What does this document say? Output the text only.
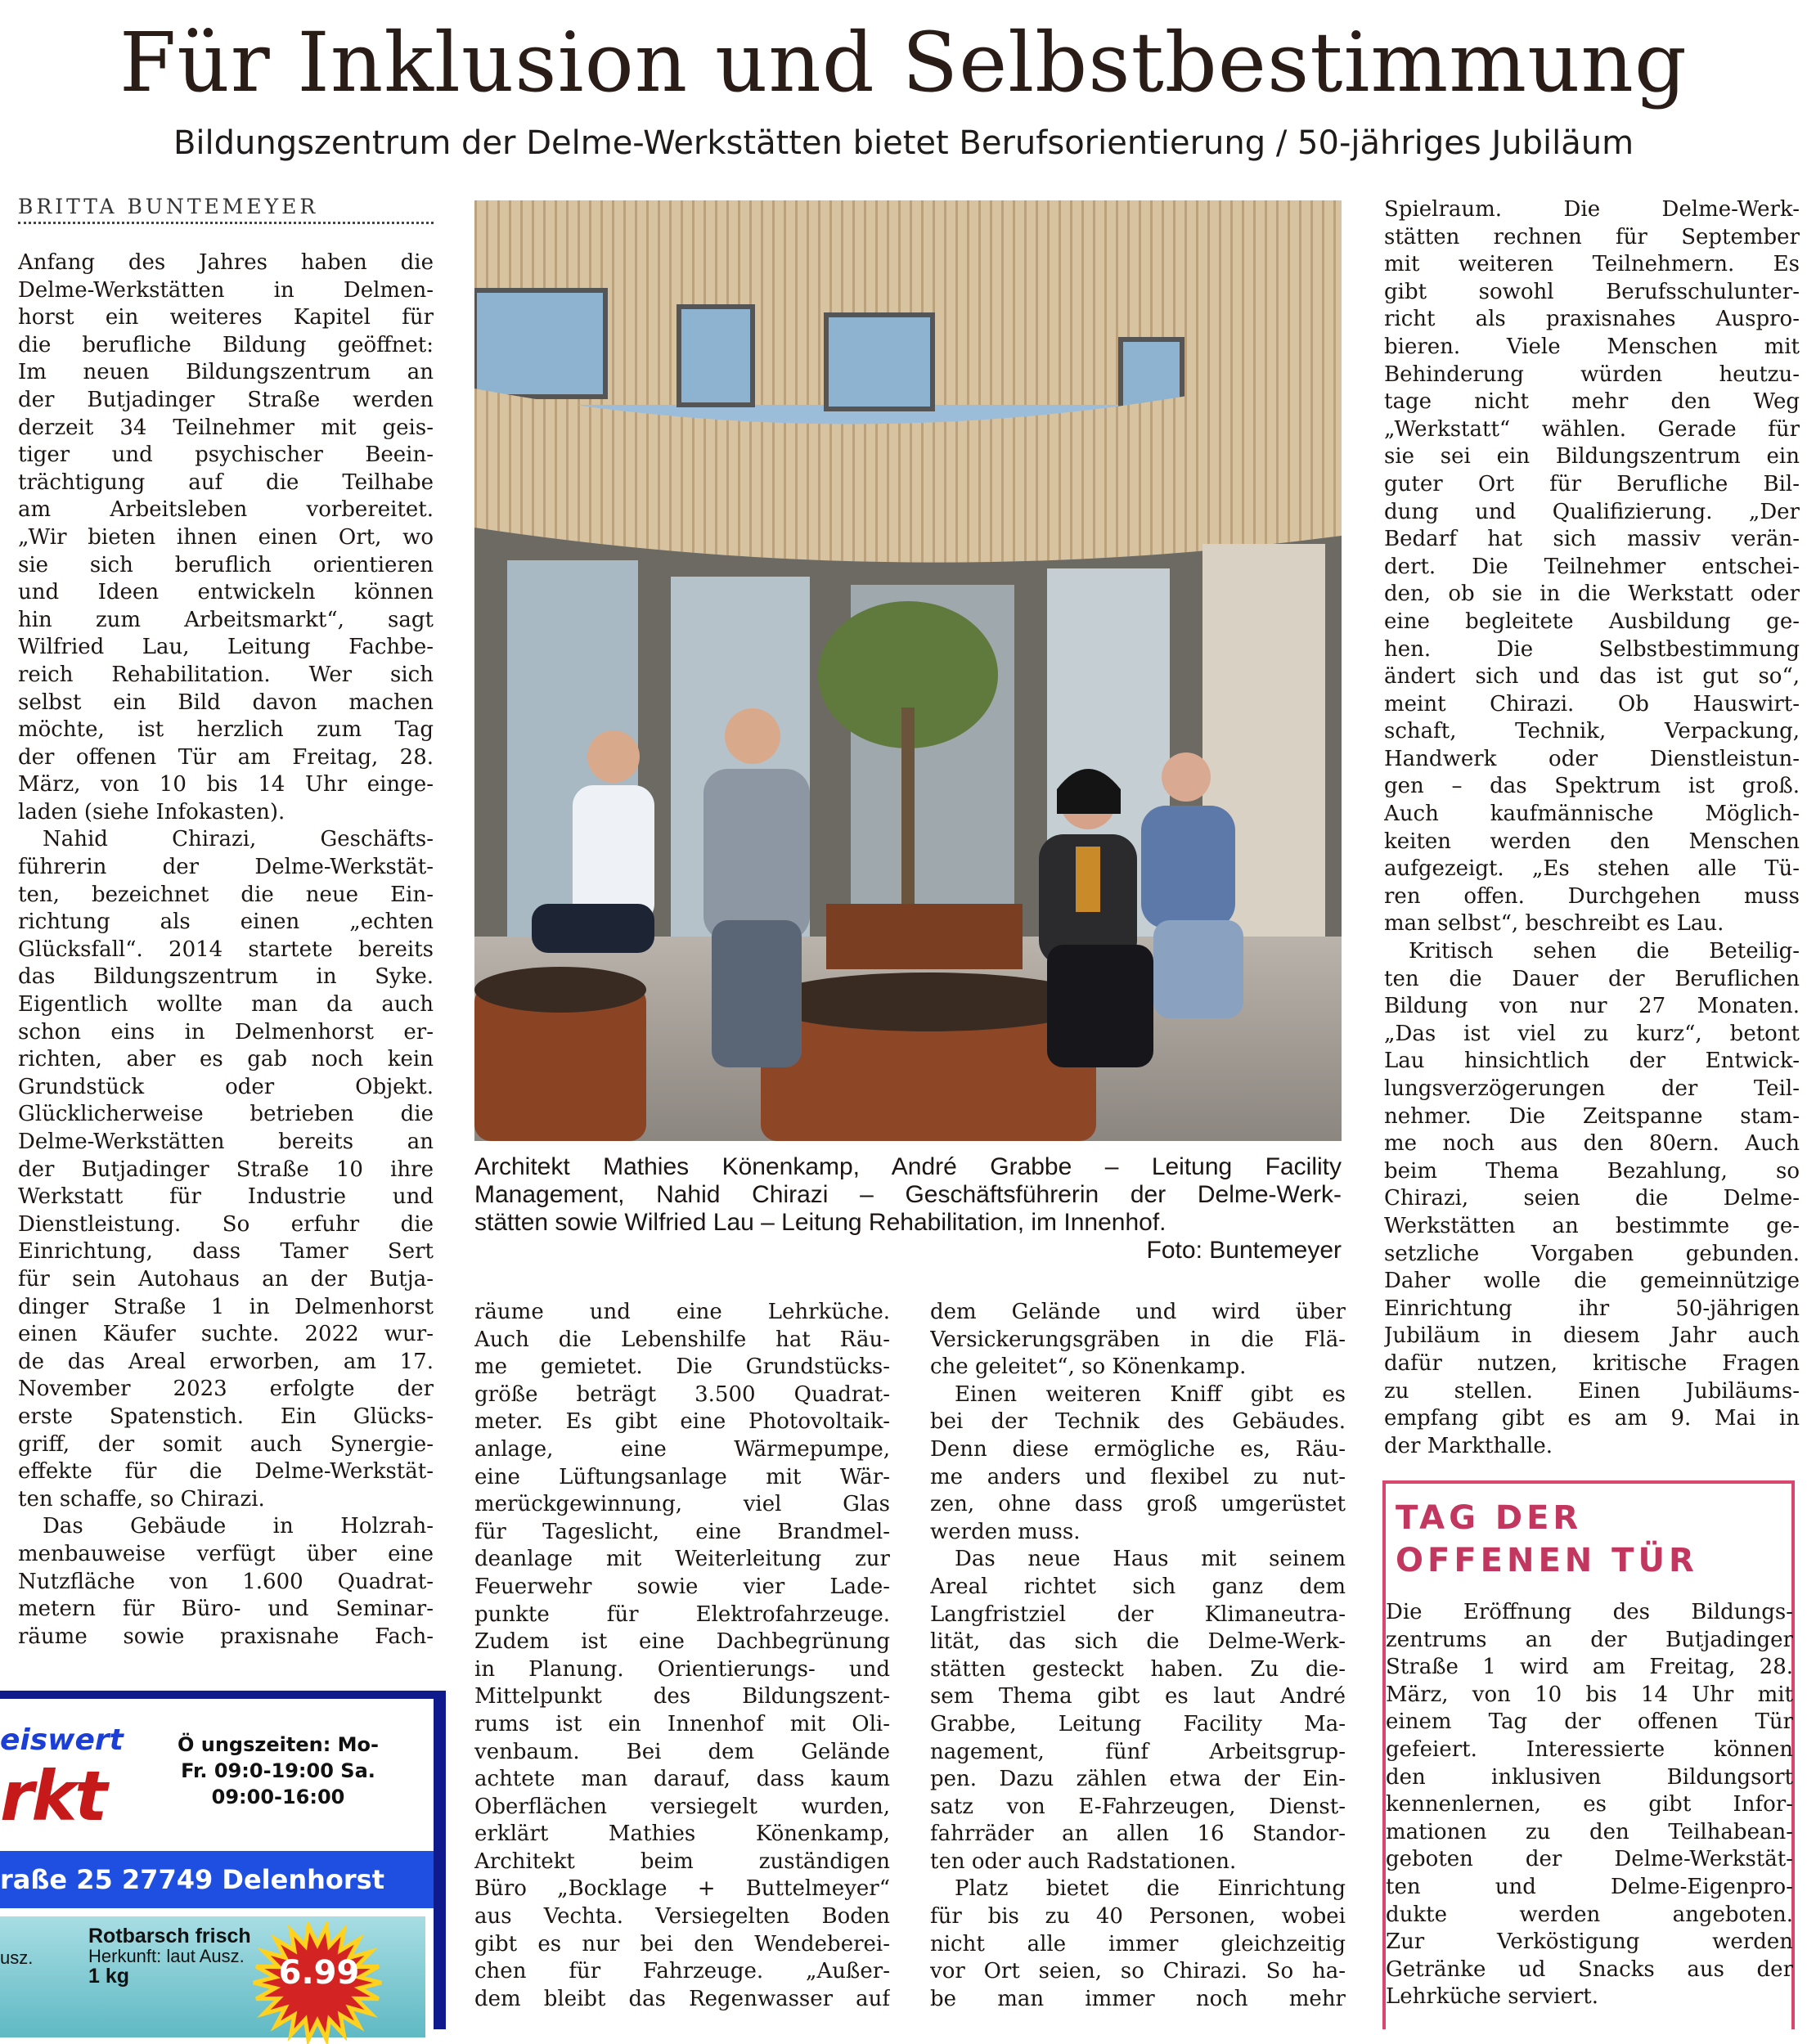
Für Inklusion und Selbstbestimmung
Bildungszentrum der Delme-Werkstätten bietet Berufsorientierung / 50-jähriges Jubiläum
BRITTA BUNTEMEYER
Anfang des Jahres haben die
Delme-Werkstätten in Delmen-
horst ein weiteres Kapitel für
die berufliche Bildung geöffnet:
Im neuen Bildungszentrum an
der Butjadinger Straße werden
derzeit 34 Teilnehmer mit geis-
tiger und psychischer Beein-
trächtigung auf die Teilhabe
am Arbeitsleben vorbereitet.
„Wir bieten ihnen einen Ort, wo
sie sich beruflich orientieren
und Ideen entwickeln können
hin zum Arbeitsmarkt“, sagt
Wilfried Lau, Leitung Fachbe-
reich Rehabilitation. Wer sich
selbst ein Bild davon machen
möchte, ist herzlich zum Tag
der offenen Tür am Freitag, 28.
März, von 10 bis 14 Uhr einge-
laden (siehe Infokasten).
Nahid Chirazi, Geschäfts-
führerin der Delme-Werkstät-
ten, bezeichnet die neue Ein-
richtung als einen „echten
Glücksfall“. 2014 startete bereits
das Bildungszentrum in Syke.
Eigentlich wollte man da auch
schon eins in Delmenhorst er-
richten, aber es gab noch kein
Grundstück oder Objekt.
Glücklicherweise betrieben die
Delme-Werkstätten bereits an
der Butjadinger Straße 10 ihre
Werkstatt für Industrie und
Dienstleistung. So erfuhr die
Einrichtung, dass Tamer Sert
für sein Autohaus an der Butja-
dinger Straße 1 in Delmenhorst
einen Käufer suchte. 2022 wur-
de das Areal erworben, am 17.
November 2023 erfolgte der
erste Spatenstich. Ein Glücks-
griff, der somit auch Synergie-
effekte für die Delme-Werkstät-
ten schaffe, so Chirazi.
Das Gebäude in Holzrah-
menbauweise verfügt über eine
Nutzfläche von 1.600 Quadrat-
metern für Büro- und Seminar-
räume sowie praxisnahe Fach-
räume und eine Lehrküche.
Auch die Lebenshilfe hat Räu-
me gemietet. Die Grundstücks-
größe beträgt 3.500 Quadrat-
meter. Es gibt eine Photovoltaik-
anlage, eine Wärmepumpe,
eine Lüftungsanlage mit Wär-
merückgewinnung, viel Glas
für Tageslicht, eine Brandmel-
deanlage mit Weiterleitung zur
Feuerwehr sowie vier Lade-
punkte für Elektrofahrzeuge.
Zudem ist eine Dachbegrünung
in Planung. Orientierungs- und
Mittelpunkt des Bildungszent-
rums ist ein Innenhof mit Oli-
venbaum. Bei dem Gelände
achtete man darauf, dass kaum
Oberflächen versiegelt wurden,
erklärt Mathies Könenkamp,
Architekt beim zuständigen
Büro „Bocklage + Buttelmeyer“
aus Vechta. Versiegelten Boden
gibt es nur bei den Wendeberei-
chen für Fahrzeuge. „Außer-
dem bleibt das Regenwasser auf
dem Gelände und wird über
Versickerungsgräben in die Flä-
che geleitet“, so Könenkamp.
Einen weiteren Kniff gibt es
bei der Technik des Gebäudes.
Denn diese ermögliche es, Räu-
me anders und flexibel zu nut-
zen, ohne dass groß umgerüstet
werden muss.
Das neue Haus mit seinem
Areal richtet sich ganz dem
Langfristziel der Klimaneutra-
lität, das sich die Delme-Werk-
stätten gesteckt haben. Zu die-
sem Thema gibt es laut André
Grabbe, Leitung Facility Ma-
nagement, fünf Arbeitsgrup-
pen. Dazu zählen etwa der Ein-
satz von E-Fahrzeugen, Dienst-
fahrräder an allen 16 Standor-
ten oder auch Radstationen.
Platz bietet die Einrichtung
für bis zu 40 Personen, wobei
nicht alle immer gleichzeitig
vor Ort seien, so Chirazi. So ha-
be man immer noch mehr
Spielraum. Die Delme-Werk-
stätten rechnen für September
mit weiteren Teilnehmern. Es
gibt sowohl Berufsschulunter-
richt als praxisnahes Auspro-
bieren. Viele Menschen mit
Behinderung würden heutzu-
tage nicht mehr den Weg
„Werkstatt“ wählen. Gerade für
sie sei ein Bildungszentrum ein
guter Ort für Berufliche Bil-
dung und Qualifizierung. „Der
Bedarf hat sich massiv verän-
dert. Die Teilnehmer entschei-
den, ob sie in die Werkstatt oder
eine begleitete Ausbildung ge-
hen. Die Selbstbestimmung
ändert sich und das ist gut so“,
meint Chirazi. Ob Hauswirt-
schaft, Technik, Verpackung,
Handwerk oder Dienstleistun-
gen – das Spektrum ist groß.
Auch kaufmännische Möglich-
keiten werden den Menschen
aufgezeigt. „Es stehen alle Tü-
ren offen. Durchgehen muss
man selbst“, beschreibt es Lau.
Kritisch sehen die Beteilig-
ten die Dauer der Beruflichen
Bildung von nur 27 Monaten.
„Das ist viel zu kurz“, betont
Lau hinsichtlich der Entwick-
lungsverzögerungen der Teil-
nehmer. Die Zeitspanne stam-
me noch aus den 80ern. Auch
beim Thema Bezahlung, so
Chirazi, seien die Delme-
Werkstätten an bestimmte ge-
setzliche Vorgaben gebunden.
Daher wolle die gemeinnützige
Einrichtung ihr 50-jährigen
Jubiläum in diesem Jahr auch
dafür nutzen, kritische Fragen
zu stellen. Einen Jubiläums-
empfang gibt es am 9. Mai in
der Markthalle.
Architekt Mathies Könenkamp, André Grabbe – Leitung Facility
Management, Nahid Chirazi – Geschäftsführerin der Delme-Werk-
stätten sowie Wilfried Lau – Leitung Rehabilitation, im Innenhof.
Foto: Buntemeyer
TAG DER
OFFENEN TÜR
Die Eröffnung des Bildungs-
zentrums an der Butjadinger
Straße 1 wird am Freitag, 28.
März, von 10 bis 14 Uhr mit
einem Tag der offenen Tür
gefeiert. Interessierte können
den inklusiven Bildungsort
kennenlernen, es gibt Infor-
mationen zu den Teilhabean-
geboten der Delme-Werkstät-
ten und Delme-Eigenpro-
dukte werden angeboten.
Zur Verköstigung werden
Getränke ud Snacks aus der
Lehrküche serviert.
eiswert
rkt
Ö ungszeiten: Mo-
Fr. 09:0-19:00 Sa.
09:00-16:00
raße 25 27749 Delenhorst
usz.
Rotbarsch frisch
Herkunft: laut Ausz.
1 kg	6.99
